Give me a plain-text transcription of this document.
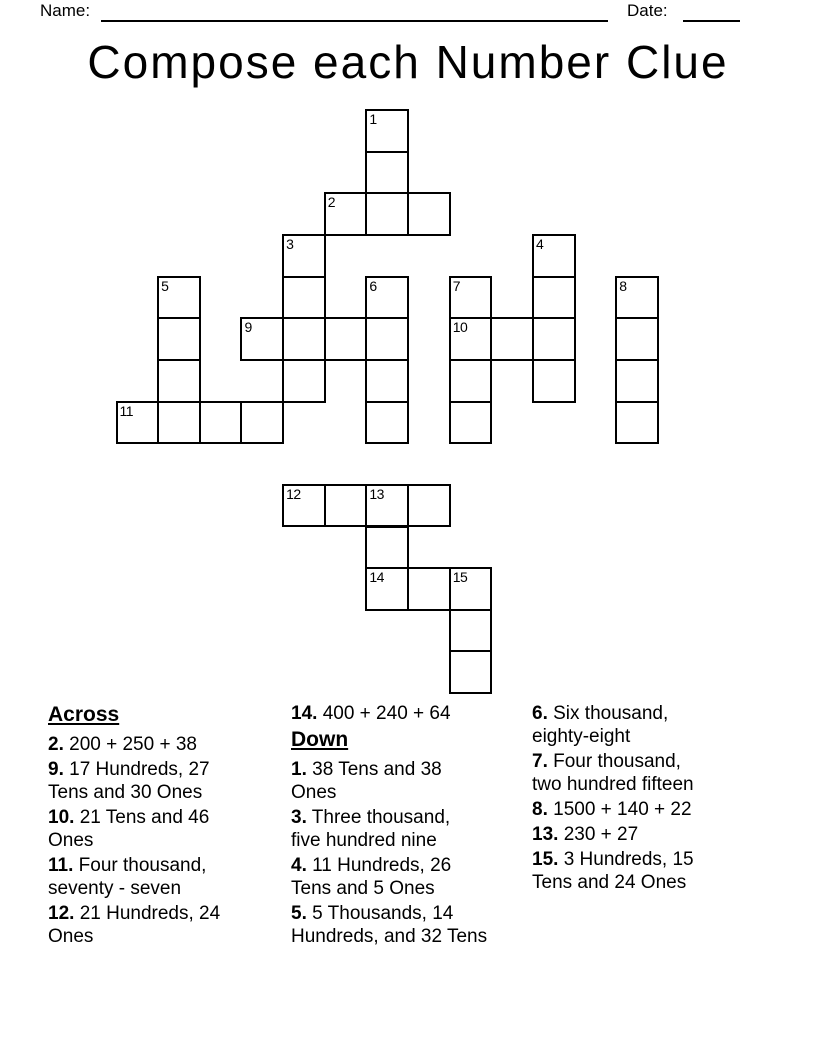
Name:	Date:
Compose each Number Clue
1
2
3	4
5	6	7	8
9	10
11
12	13
14	15
Across
2. 200 + 250 + 38
9. 17 Hundreds, 27
Tens and 30 Ones
10. 21 Tens and 46
Ones
11. Four thousand,
seventy - seven
12. 21 Hundreds, 24
Ones
14. 400 + 240 + 64
Down
1. 38 Tens and 38
Ones
3. Three thousand,
five hundred nine
4. 11 Hundreds, 26
Tens and 5 Ones
5. 5 Thousands, 14
Hundreds, and 32 Tens
6. Six thousand,
eighty-eight
7. Four thousand,
two hundred fifteen
8. 1500 + 140 + 22
13. 230 + 27
15. 3 Hundreds, 15
Tens and 24 Ones
